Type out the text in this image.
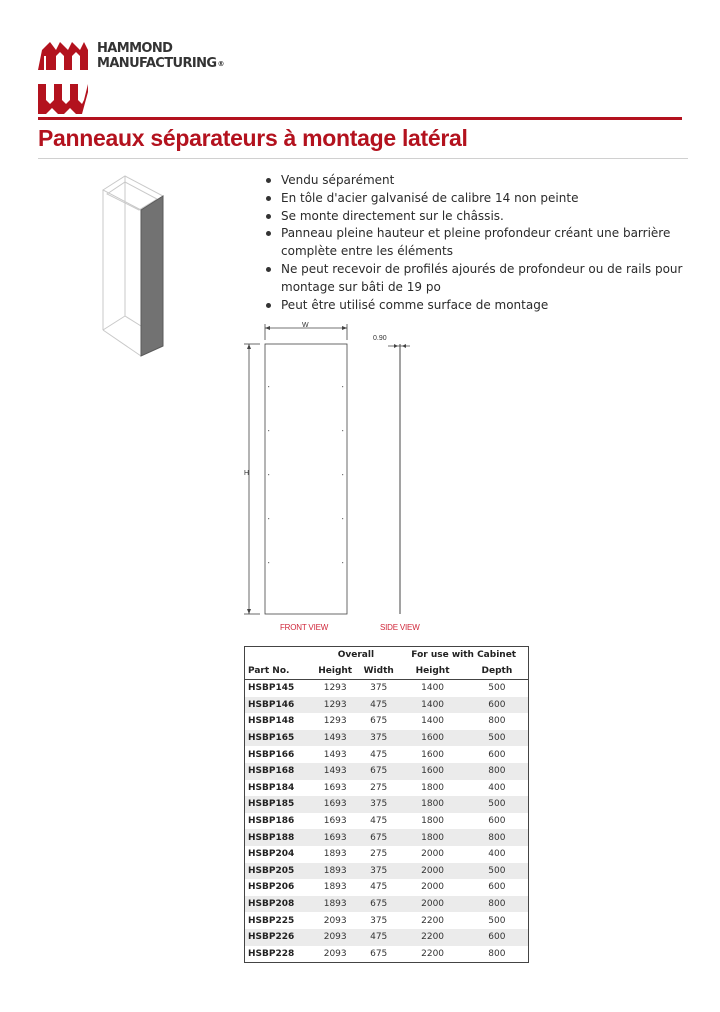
HAMMOND
MANUFACTURING®
Panneaux séparateurs à montage latéral
Vendu séparément
En tôle d'acier galvanisé de calibre 14 non peinte
Se monte directement sur le châssis.
Panneau pleine hauteur et pleine profondeur créant une barrière complète entre les éléments
Ne peut recevoir de profilés ajourés de profondeur ou de rails pour montage sur bâti de 19 po
Peut être utilisé comme surface de montage
W
H
0.90
FRONT VIEW	SIDE VIEW
	Overall		For use with Cabinet	
Part No.	Height	Width	Height	Depth
HSBP145	1293	375	1400	500
HSBP146	1293	475	1400	600
HSBP148	1293	675	1400	800
HSBP165	1493	375	1600	500
HSBP166	1493	475	1600	600
HSBP168	1493	675	1600	800
HSBP184	1693	275	1800	400
HSBP185	1693	375	1800	500
HSBP186	1693	475	1800	600
HSBP188	1693	675	1800	800
HSBP204	1893	275	2000	400
HSBP205	1893	375	2000	500
HSBP206	1893	475	2000	600
HSBP208	1893	675	2000	800
HSBP225	2093	375	2200	500
HSBP226	2093	475	2200	600
HSBP228	2093	675	2200	800
